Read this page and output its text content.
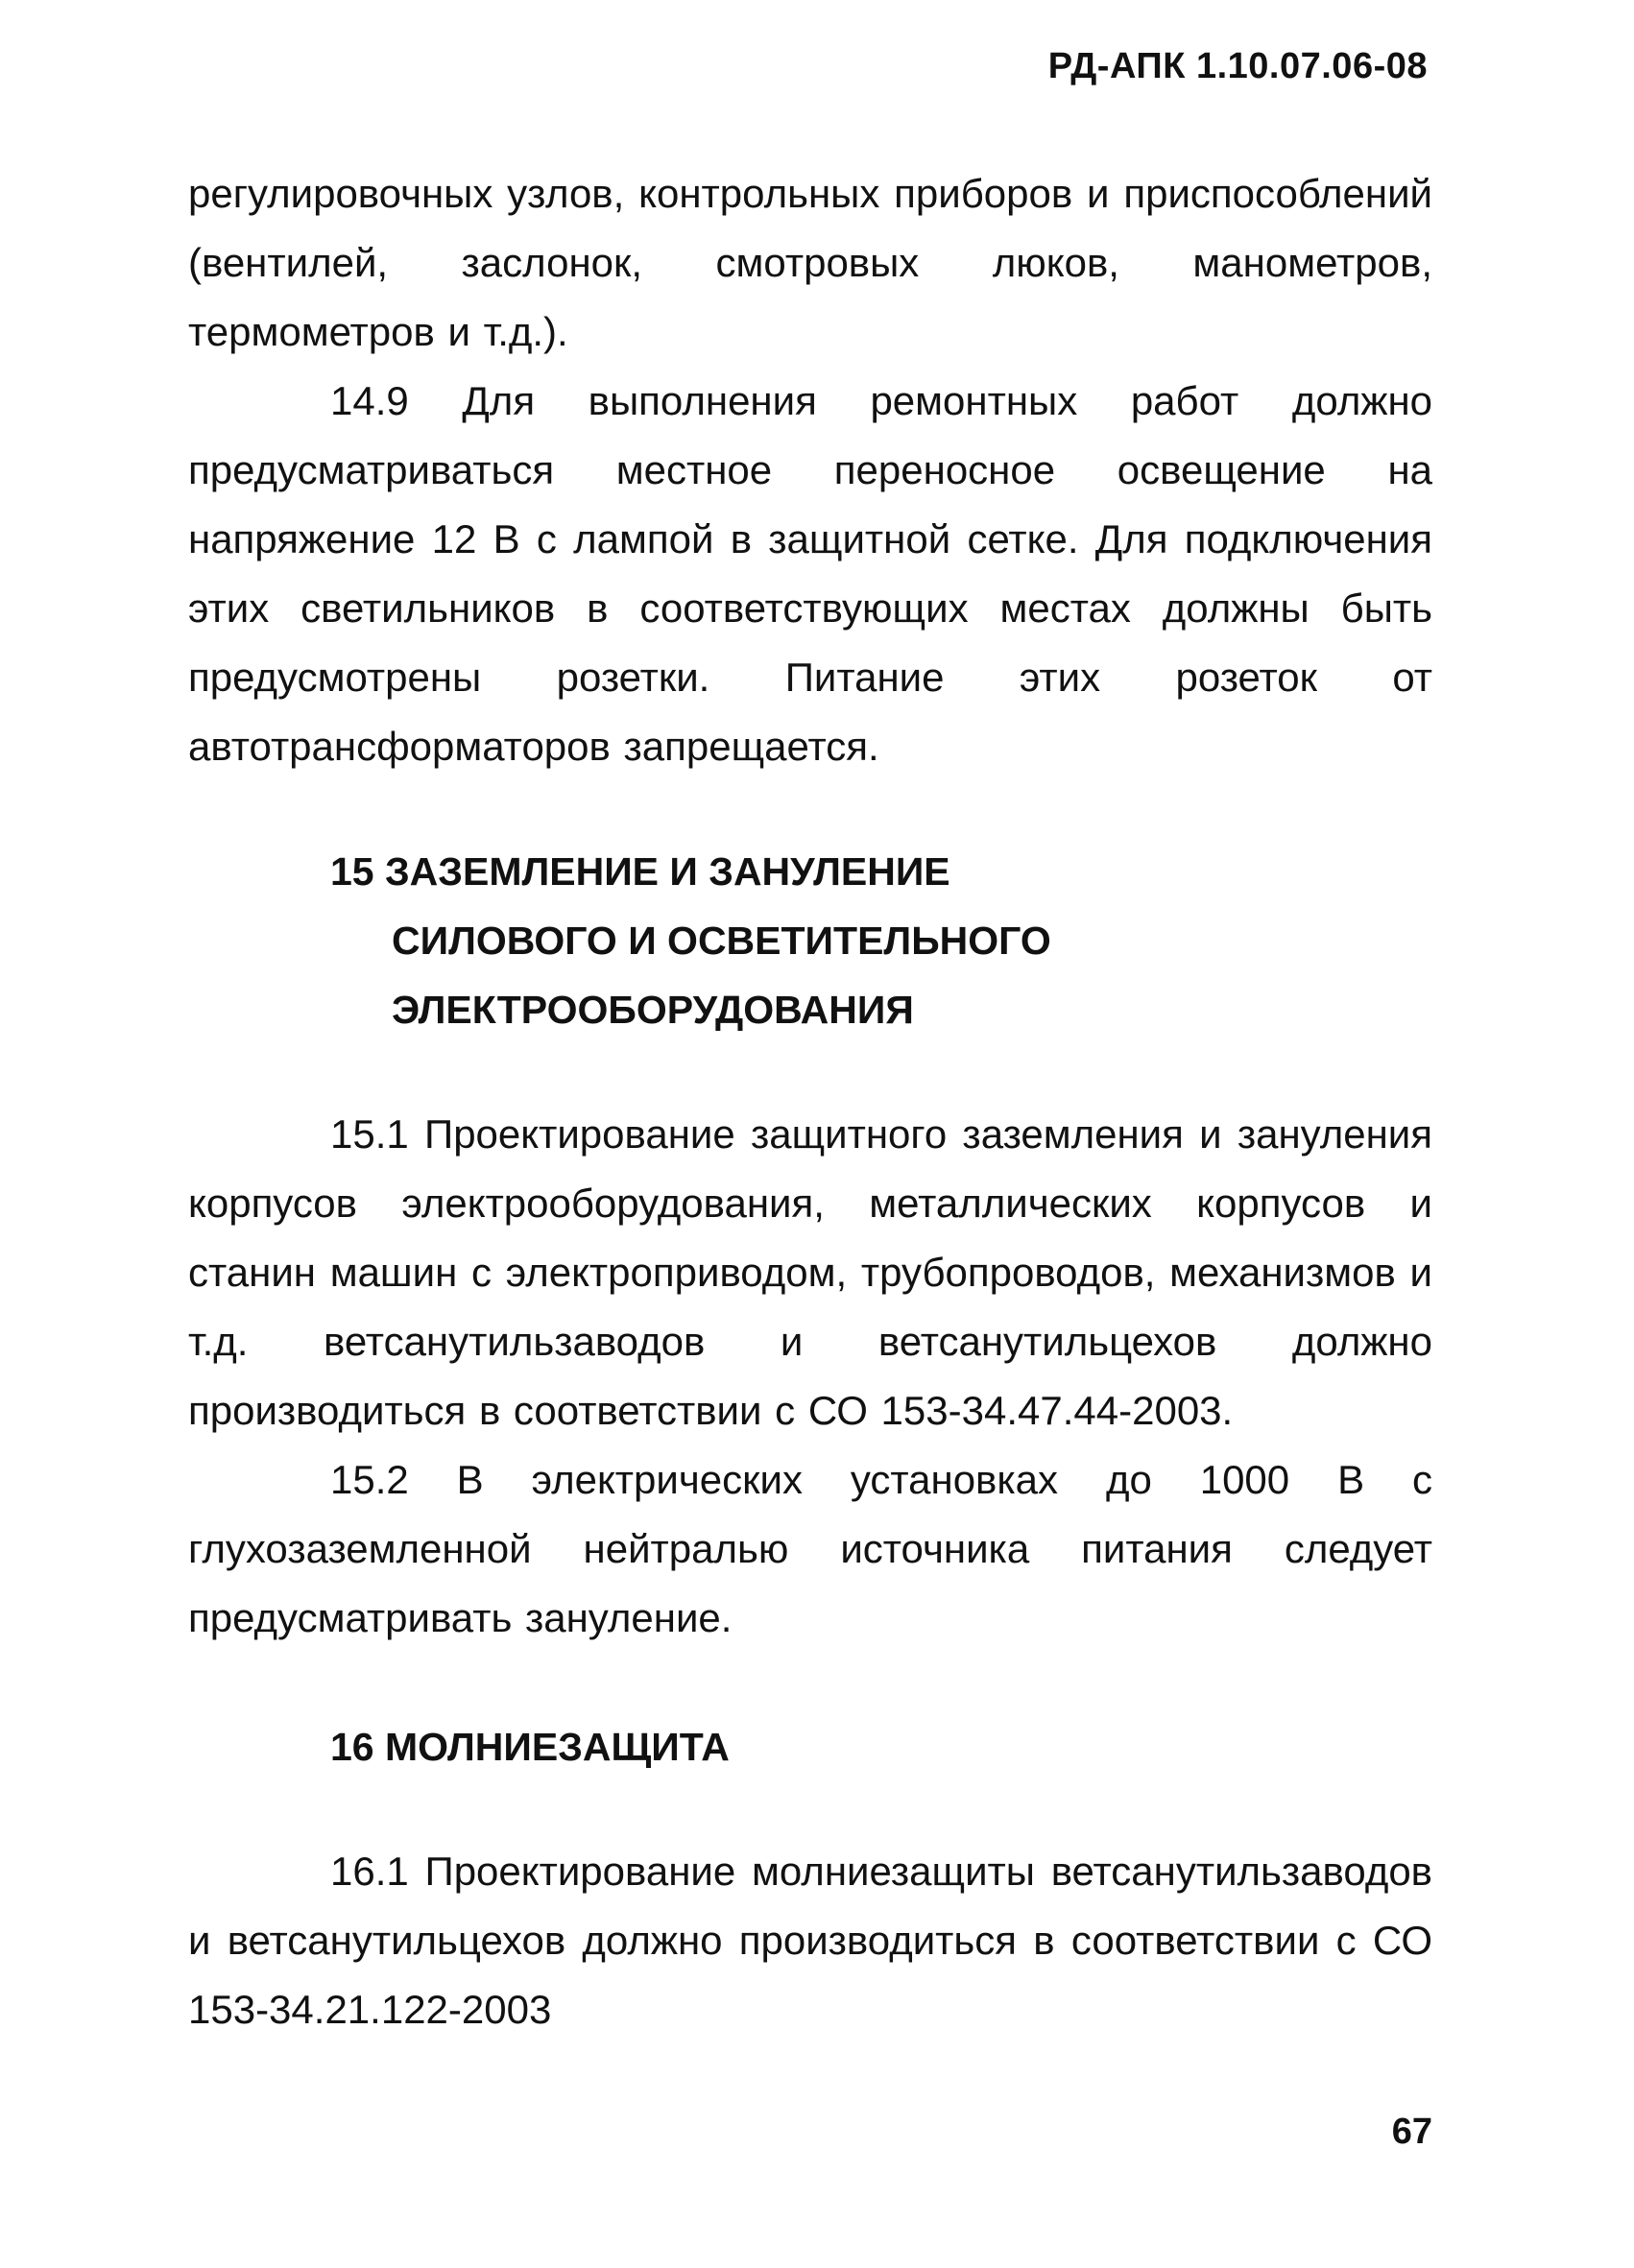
РД-АПК 1.10.07.06-08

регулировочных узлов, контрольных приборов и приспособлений (вентилей, заслонок, смотровых люков, манометров, термометров и т.д.).

14.9 Для выполнения ремонтных работ должно предусматриваться местное переносное освещение на напряжение 12 В с лампой в защитной сетке. Для подключения этих светильников в соответствующих местах должны быть предусмотрены розетки. Питание этих розеток от автотрансформаторов запрещается.

15 ЗАЗЕМЛЕНИЕ И ЗАНУЛЕНИЕ
СИЛОВОГО И ОСВЕТИТЕЛЬНОГО
ЭЛЕКТРООБОРУДОВАНИЯ

15.1 Проектирование защитного заземления и зануления корпусов электрооборудования, металлических корпусов и станин машин с электроприводом, трубопроводов, механизмов и т.д. ветсанутильзаводов и ветсанутильцехов должно производиться в соответствии с СО 153-34.47.44-2003.

15.2 В электрических установках до 1000 В с глухозаземленной нейтралью источника питания следует предусматривать зануление.

16 МОЛНИЕЗАЩИТА

16.1 Проектирование молниезащиты ветсанутильзаводов и ветсанутильцехов должно производиться в соответствии с СО 153-34.21.122-2003

67
